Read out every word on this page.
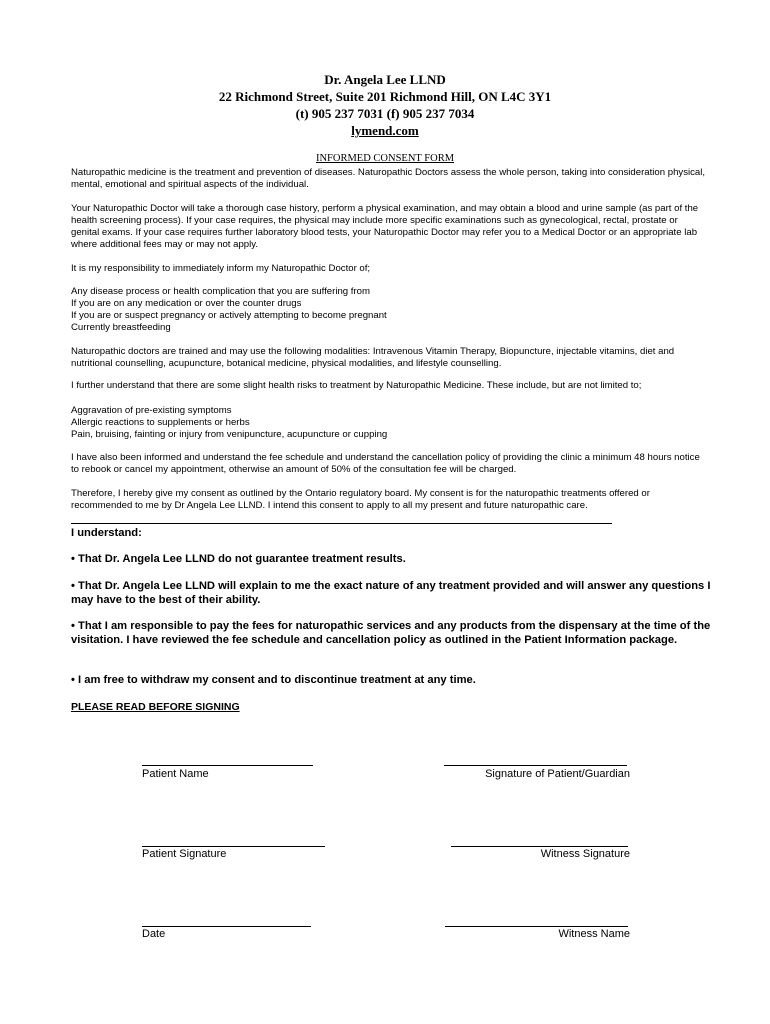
Dr. Angela Lee LLND
22 Richmond Street, Suite 201 Richmond Hill, ON L4C 3Y1
(t) 905 237 7031 (f) 905 237 7034
lymend.com
INFORMED CONSENT FORM

Naturopathic medicine is the treatment and prevention of diseases. Naturopathic Doctors assess the whole person, taking into consideration physical, mental, emotional and spiritual aspects of the individual.

Your Naturopathic Doctor will take a thorough case history, perform a physical examination, and may obtain a blood and urine sample (as part of the health screening process). If your case requires, the physical may include more specific examinations such as gynecological, rectal, prostate or genital exams. If your case requires further laboratory blood tests, your Naturopathic Doctor may refer you to a Medical Doctor or an appropriate lab where additional fees may or may not apply.

It is my responsibility to immediately inform my Naturopathic Doctor of;

Any disease process or health complication that you are suffering from
If you are on any medication or over the counter drugs
If you are or suspect pregnancy or actively attempting to become pregnant
Currently breastfeeding

Naturopathic doctors are trained and may use the following modalities: Intravenous Vitamin Therapy, Biopuncture, injectable vitamins, diet and nutritional counselling, acupuncture, botanical medicine, physical modalities, and lifestyle counselling.

I further understand that there are some slight health risks to treatment by Naturopathic Medicine. These include, but are not limited to;

Aggravation of pre-existing symptoms
Allergic reactions to supplements or herbs
Pain, bruising, fainting or injury from venipuncture, acupuncture or cupping

I have also been informed and understand the fee schedule and understand the cancellation policy of providing the clinic a minimum 48 hours notice to rebook or cancel my appointment, otherwise an amount of 50% of the consultation fee will be charged.

Therefore, I hereby give my consent as outlined by the Ontario regulatory board. My consent is for the naturopathic treatments offered or recommended to me by Dr Angela Lee LLND. I intend this consent to apply to all my present and future naturopathic care.

I understand:

• That Dr. Angela Lee LLND do not guarantee treatment results.

• That Dr. Angela Lee LLND will explain to me the exact nature of any treatment provided and will answer any questions I may have to the best of their ability.

• That I am responsible to pay the fees for naturopathic services and any products from the dispensary at the time of the visitation. I have reviewed the fee schedule and cancellation policy as outlined in the Patient Information package.

• I am free to withdraw my consent and to discontinue treatment at any time.

PLEASE READ BEFORE SIGNING
Patient Name	Signature of Patient/Guardian
Patient Signature	Witness Signature
Date	Witness Name
